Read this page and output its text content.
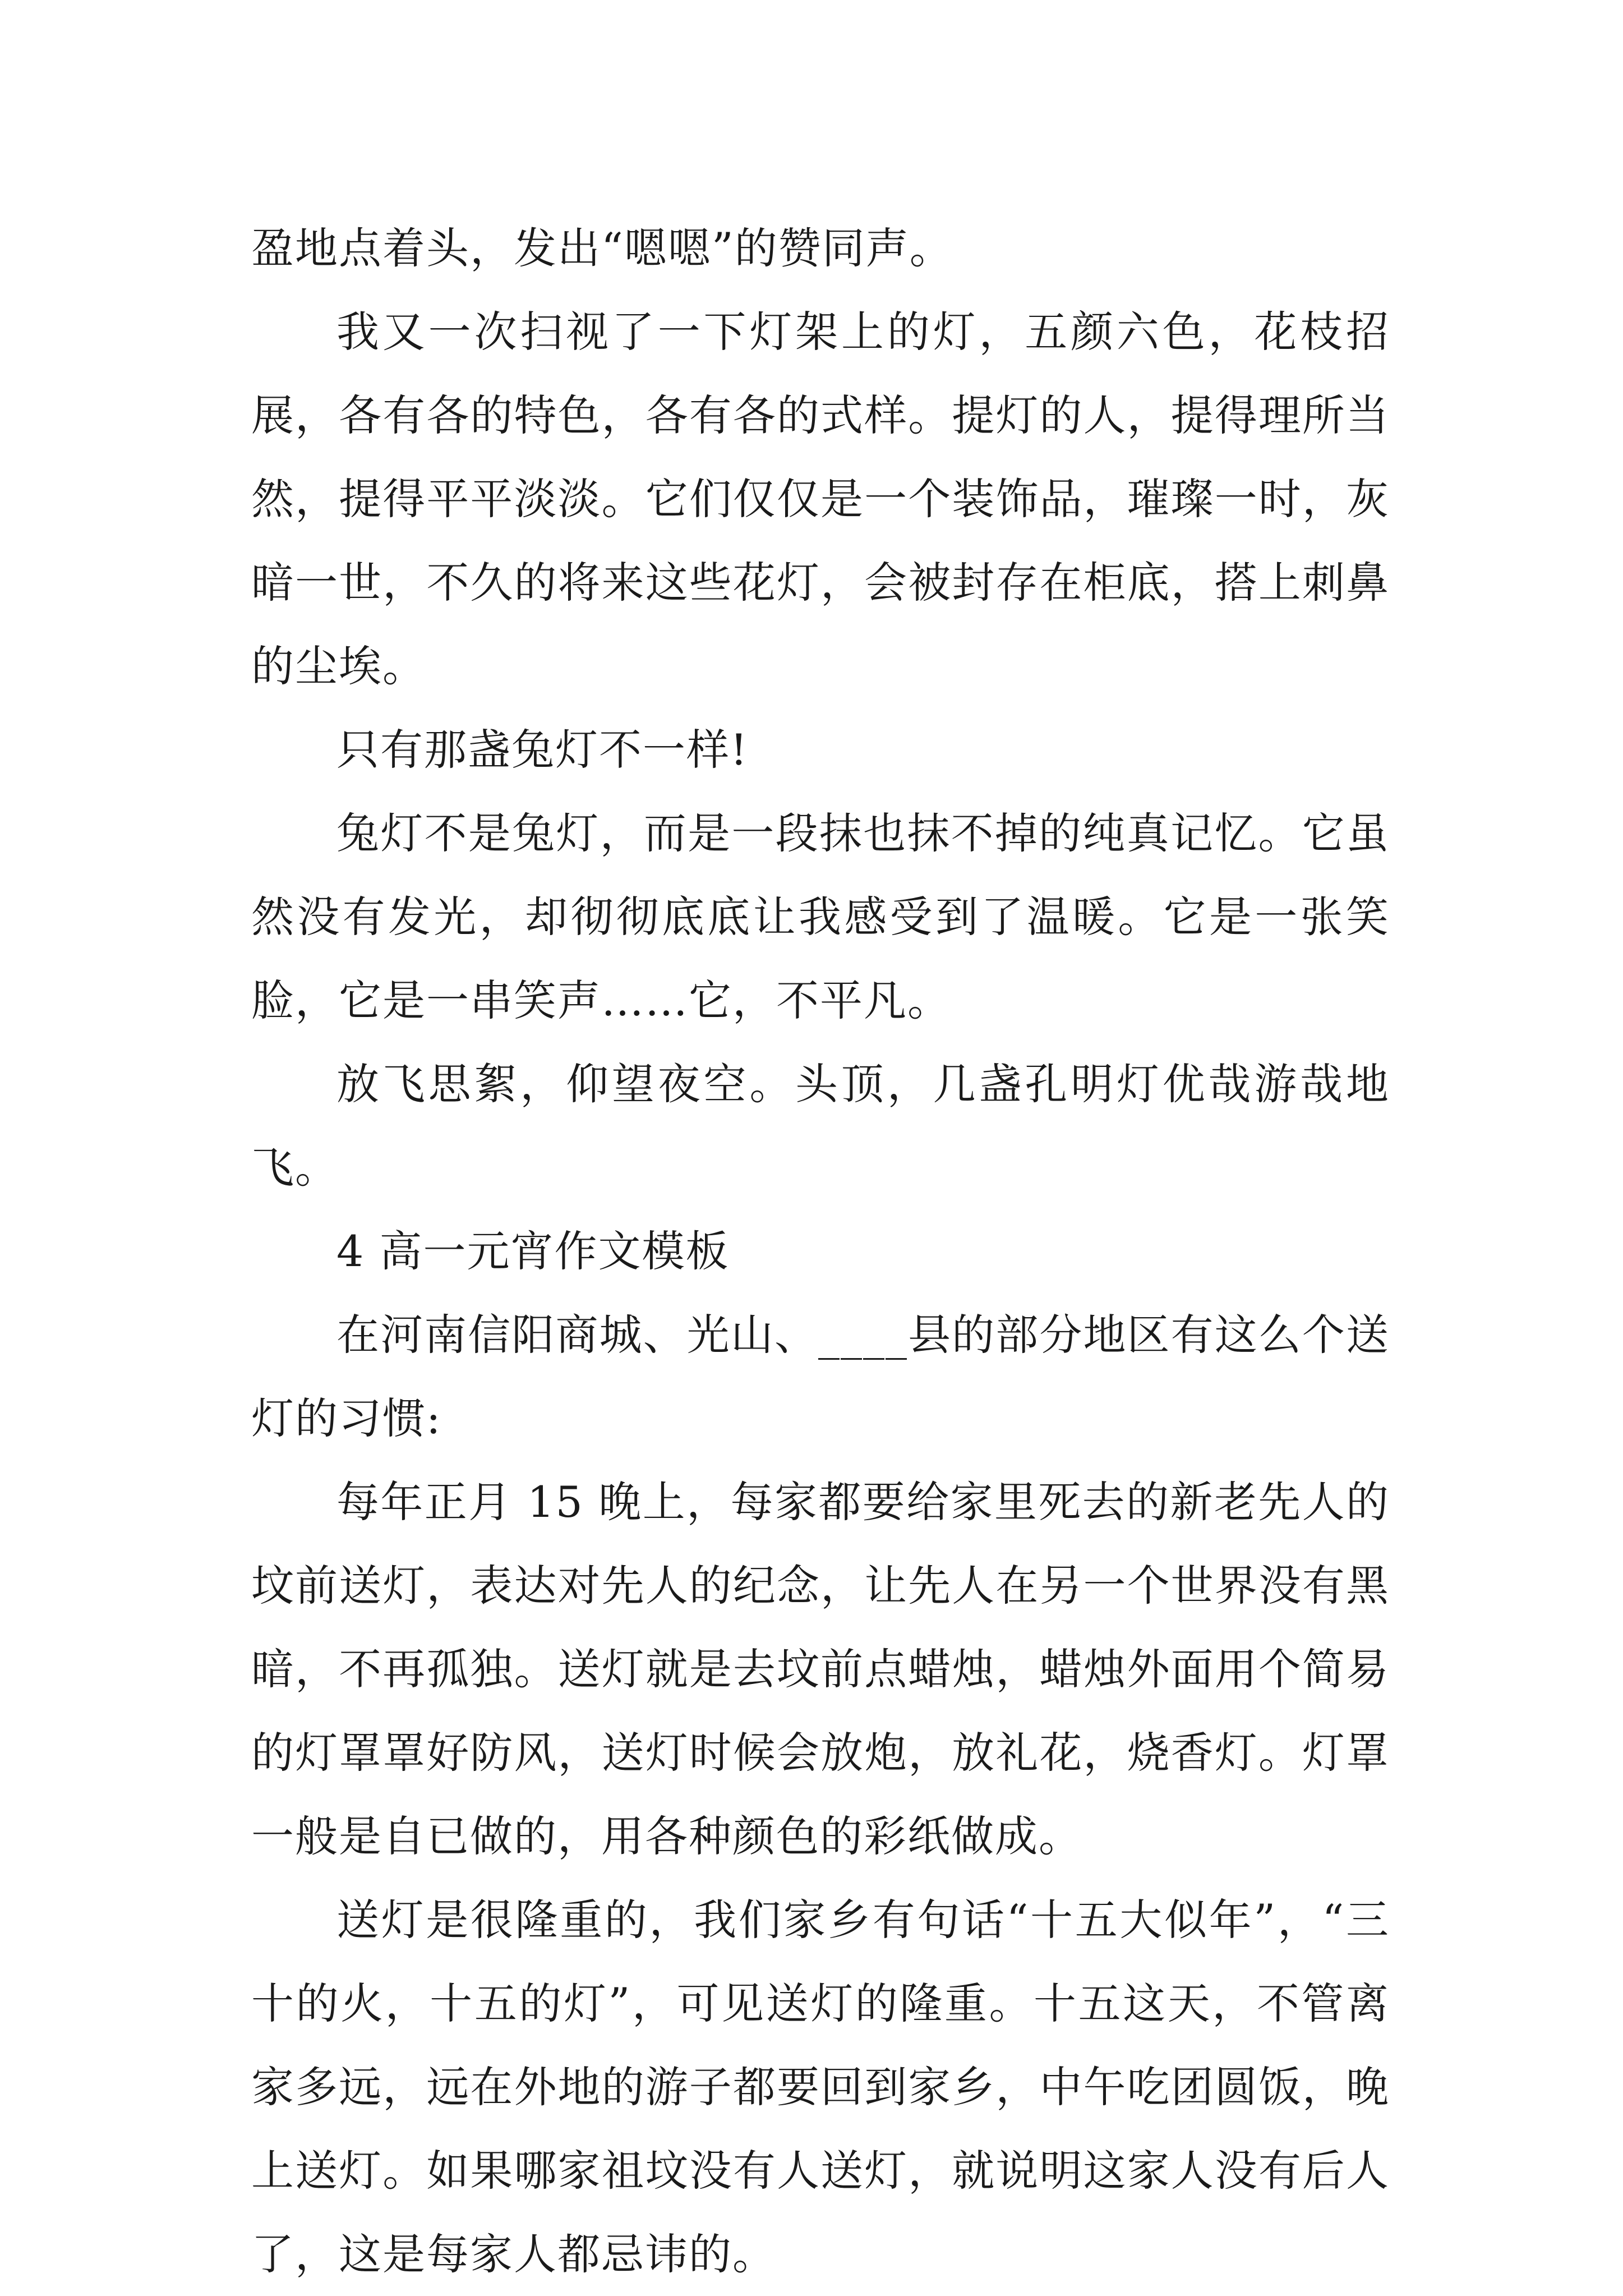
盈地点着头，发出“嗯嗯”的赞同声。

我又一次扫视了一下灯架上的灯，五颜六色，花枝招展，各有各的特色，各有各的式样。提灯的人，提得理所当然，提得平平淡淡。它们仅仅是一个装饰品，璀璨一时，灰暗一世，不久的将来这些花灯，会被封存在柜底，搭上刺鼻的尘埃。

只有那盏兔灯不一样!

兔灯不是兔灯，而是一段抹也抹不掉的纯真记忆。它虽然没有发光，却彻彻底底让我感受到了温暖。它是一张笑脸，它是一串笑声……它，不平凡。

放飞思絮，仰望夜空。头顶，几盏孔明灯优哉游哉地飞。

4 高一元宵作文模板

在河南信阳商城、光山、____县的部分地区有这么个送灯的习惯:

每年正月 15 晚上，每家都要给家里死去的新老先人的坟前送灯，表达对先人的纪念，让先人在另一个世界没有黑暗，不再孤独。送灯就是去坟前点蜡烛，蜡烛外面用个简易的灯罩罩好防风，送灯时候会放炮，放礼花，烧香灯。灯罩一般是自已做的，用各种颜色的彩纸做成。

送灯是很隆重的，我们家乡有句话“十五大似年”，“三十的火，十五的灯”，可见送灯的隆重。十五这天，不管离家多远，远在外地的游子都要回到家乡，中午吃团圆饭，晚上送灯。如果哪家祖坟没有人送灯，就说明这家人没有后人了，这是每家人都忌讳的。
